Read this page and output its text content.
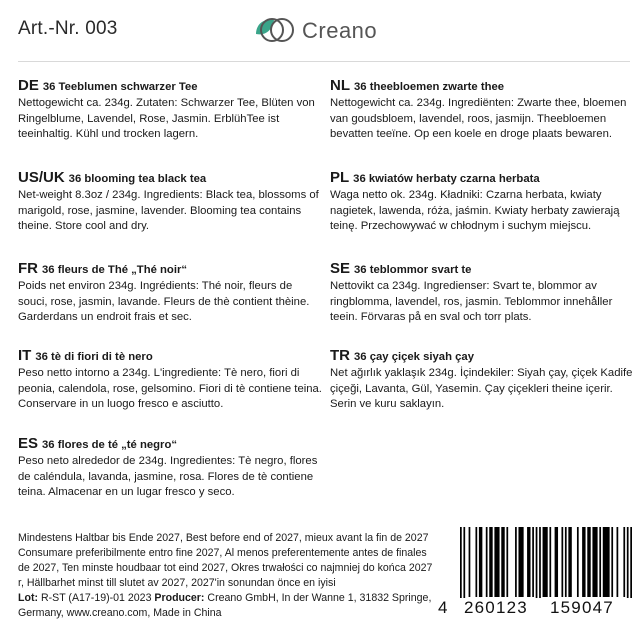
Art.-Nr. 003	Creano
DE 36 Teeblumen schwarzer Tee
Nettogewicht ca. 234g. Zutaten: Schwarzer Tee, Blüten von Ringelblume, Lavendel, Rose, Jasmin. ErblühTee ist teeinhaltig. Kühl und trocken lagern.
US/UK 36 blooming tea black tea
Net-weight 8.3oz / 234g. Ingredients: Black tea, blossoms of marigold, rose, jasmine, lavender. Blooming tea contains theine. Store cool and dry.
FR 36 fleurs de Thé „Thé noir“
Poids net environ 234g. Ingrédients: Thé noir, fleurs de souci, rose, jasmin, lavande. Fleurs de thè contient thèine. Garderdans un endroit frais et sec.
IT 36 tè di fiori di tè nero
Peso netto intorno a 234g. L'ingrediente: Tè nero, fiori di peonia, calendola, rose, gelsomino. Fiori di tè contiene teina. Conservare in un luogo fresco e asciutto.
ES 36 flores de té „té negro“
Peso neto alrededor de 234g. Ingredientes: Tè negro, flores de caléndula, lavanda, jasmine, rosa. Flores de tè contiene teina. Almacenar en un lugar fresco y seco.
NL 36 theebloemen zwarte thee
Nettogewicht ca. 234g. Ingrediënten: Zwarte thee, bloemen van goudsbloem, lavendel, roos, jasmijn. Theebloemen bevatten teeïne. Op een koele en droge plaats bewaren.
PL 36 kwiatów herbaty czarna herbata
Waga netto ok. 234g. Kładniki: Czarna herbata, kwiaty nagietek, lawenda, róża, jaśmin. Kwiaty herbaty zawierają teinę. Przechowywać w chłodnym i suchym miejscu.
SE 36 teblommor svart te
Nettovikt ca 234g. Ingredienser: Svart te, blommor av ringblomma, lavendel, ros, jasmin. Teblommor innehåller teein. Förvaras på en sval och torr plats.
TR 36 çay çiçek siyah çay
Net ağırlık yaklaşık 234g. İçindekiler: Siyah çay, çiçek Kadife çiçeği, Lavanta, Gül, Yasemin. Çay çiçekleri theine içerir. Serin ve kuru saklayın.
Mindestens Haltbar bis Ende 2027, Best before end of 2027, mieux avant la fin de 2027 Consumare preferibilmente entro fine 2027, Al menos preferentemente antes de finales de 2027, Ten minste houdbaar tot eind 2027, Okres trwałości co najmniej do końca 2027 r, Hällbarhet minst till slutet av 2027, 2027'in sonundan önce en iyisi
Lot: R-ST (A17-19)-01 2023 Producer: Creano GmbH, In der Wanne 1, 31832 Springe, Germany, www.creano.com, Made in China	4 260123 159047
